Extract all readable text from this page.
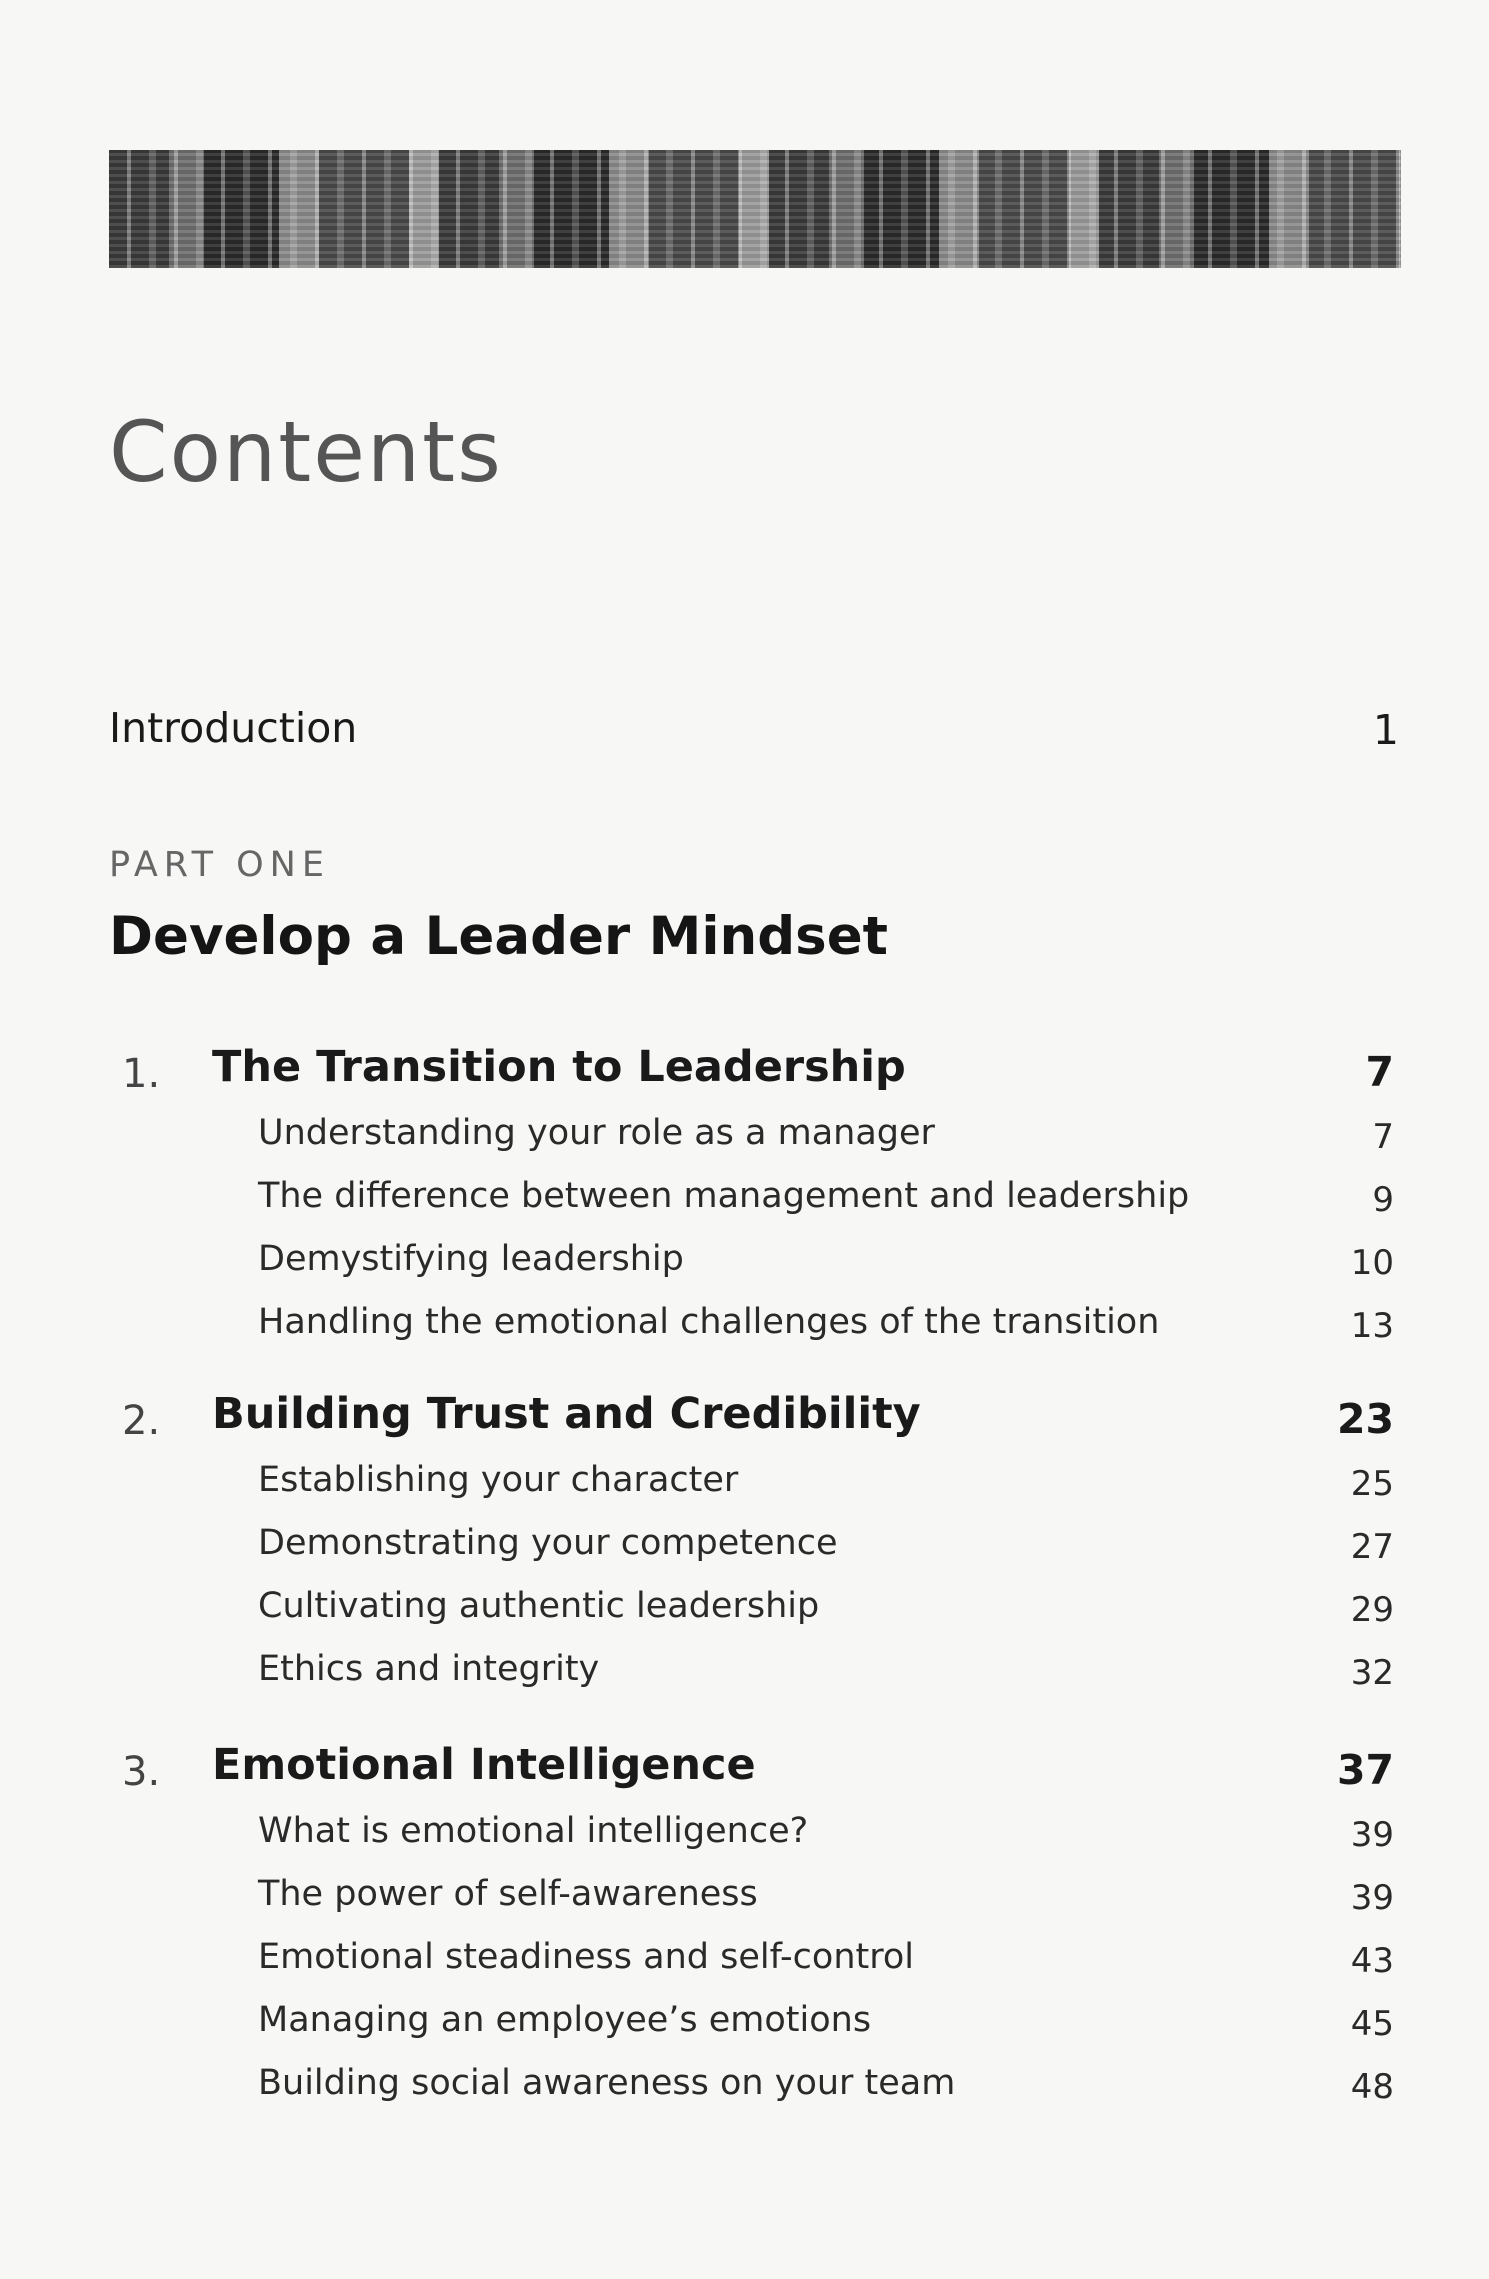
Contents
Introduction	1
PART ONE
Develop a Leader Mindset
1. The Transition to Leadership	7
Understanding your role as a manager	7
The difference between management and leadership	9
Demystifying leadership	10
Handling the emotional challenges of the transition	13
2. Building Trust and Credibility	23
Establishing your character	25
Demonstrating your competence	27
Cultivating authentic leadership	29
Ethics and integrity	32
3. Emotional Intelligence	37
What is emotional intelligence?	39
The power of self-awareness	39
Emotional steadiness and self-control	43
Managing an employee’s emotions	45
Building social awareness on your team	48
